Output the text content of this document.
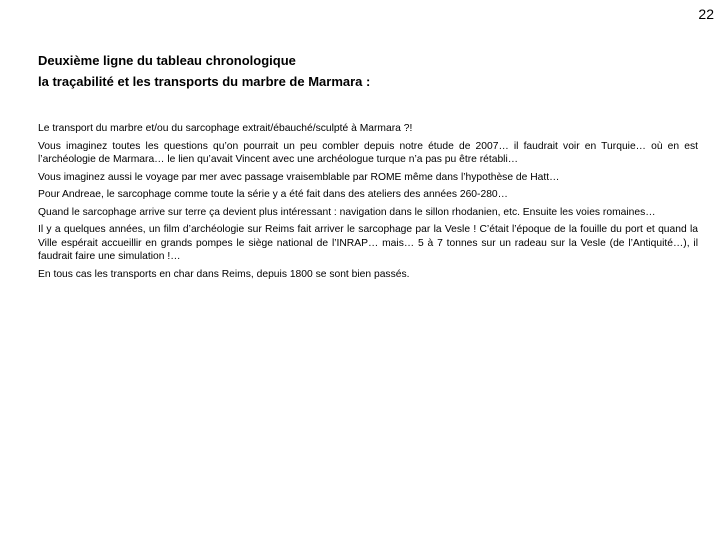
22
Deuxième ligne du tableau chronologique
la traçabilité et les transports du marbre de Marmara :

Le transport du marbre et/ou du sarcophage extrait/ébauché/sculpté à Marmara ?!

Vous imaginez toutes les questions qu’on pourrait un peu combler depuis notre étude de 2007… il faudrait voir en Turquie… où en est l’archéologie de Marmara… le lien qu’avait Vincent avec une archéologue turque n’a pas pu être rétabli…

Vous imaginez aussi le voyage par mer avec passage vraisemblable par ROME même dans l’hypothèse de Hatt…

Pour Andreae, le sarcophage comme toute la série y a été fait dans des ateliers des années 260-280…

Quand le sarcophage arrive sur terre ça devient plus intéressant : navigation dans le sillon rhodanien, etc. Ensuite les voies romaines…

Il y a quelques années, un film d’archéologie sur Reims fait arriver le sarcophage par la Vesle ! C’était l’époque de la fouille du port et quand la Ville espérait accueillir en grands pompes le siège national de l’INRAP… mais… 5 à 7 tonnes sur un radeau sur la Vesle (de l’Antiquité…), il faudrait faire une simulation !…

En tous cas les transports en char dans Reims, depuis 1800 se sont bien passés.
